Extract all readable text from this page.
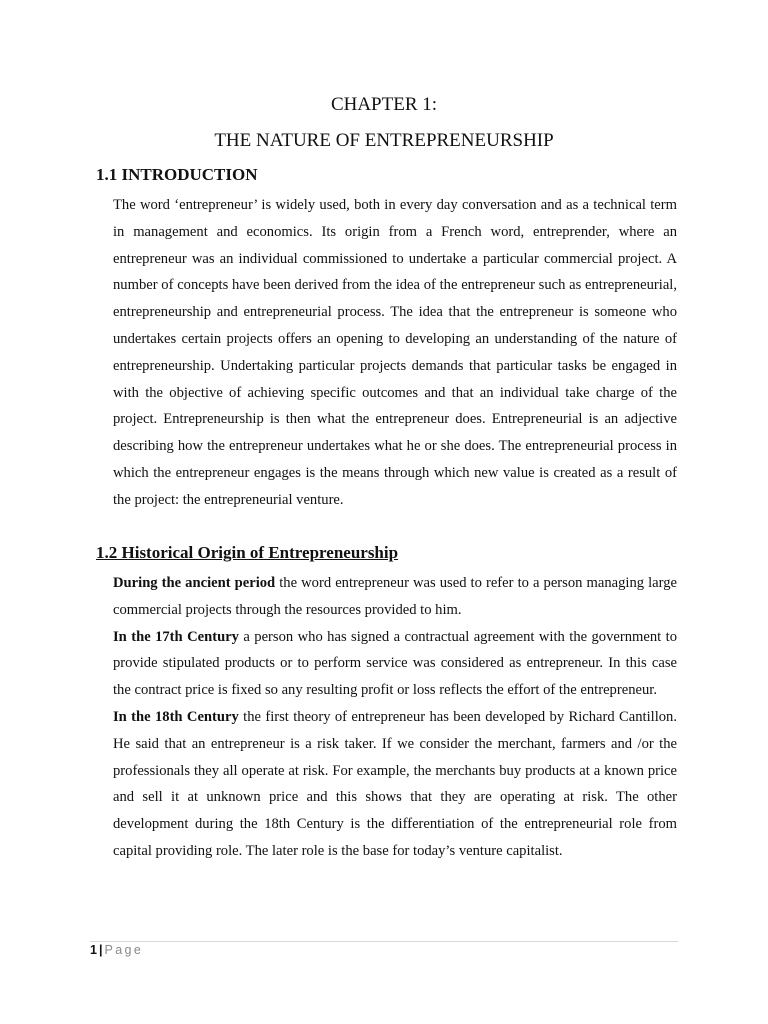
CHAPTER 1:
THE NATURE OF ENTREPRENEURSHIP
1.1 INTRODUCTION

The word ‘entrepreneur’ is widely used, both in every day conversation and as a technical term in management and economics. Its origin from a French word, entreprender, where an entrepreneur was an individual commissioned to undertake a particular commercial project. A number of concepts have been derived from the idea of the entrepreneur such as entrepreneurial, entrepreneurship and entrepreneurial process. The idea that the entrepreneur is someone who undertakes certain projects offers an opening to developing an understanding of the nature of entrepreneurship. Undertaking particular projects demands that particular tasks be engaged in with the objective of achieving specific outcomes and that an individual take charge of the project. Entrepreneurship is then what the entrepreneur does. Entrepreneurial is an adjective describing how the entrepreneur undertakes what he or she does. The entrepreneurial process in which the entrepreneur engages is the means through which new value is created as a result of the project: the entrepreneurial venture.

1.2 Historical Origin of Entrepreneurship

During the ancient period the word entrepreneur was used to refer to a person managing large commercial projects through the resources provided to him.

In the 17th Century a person who has signed a contractual agreement with the government to provide stipulated products or to perform service was considered as entrepreneur. In this case the contract price is fixed so any resulting profit or loss reflects the effort of the entrepreneur.

In the 18th Century the first theory of entrepreneur has been developed by Richard Cantillon. He said that an entrepreneur is a risk taker. If we consider the merchant, farmers and /or the professionals they all operate at risk. For example, the merchants buy products at a known price and sell it at unknown price and this shows that they are operating at risk. The other development during the 18th Century is the differentiation of the entrepreneurial role from capital providing role. The later role is the base for today’s venture capitalist.

1 | Page
